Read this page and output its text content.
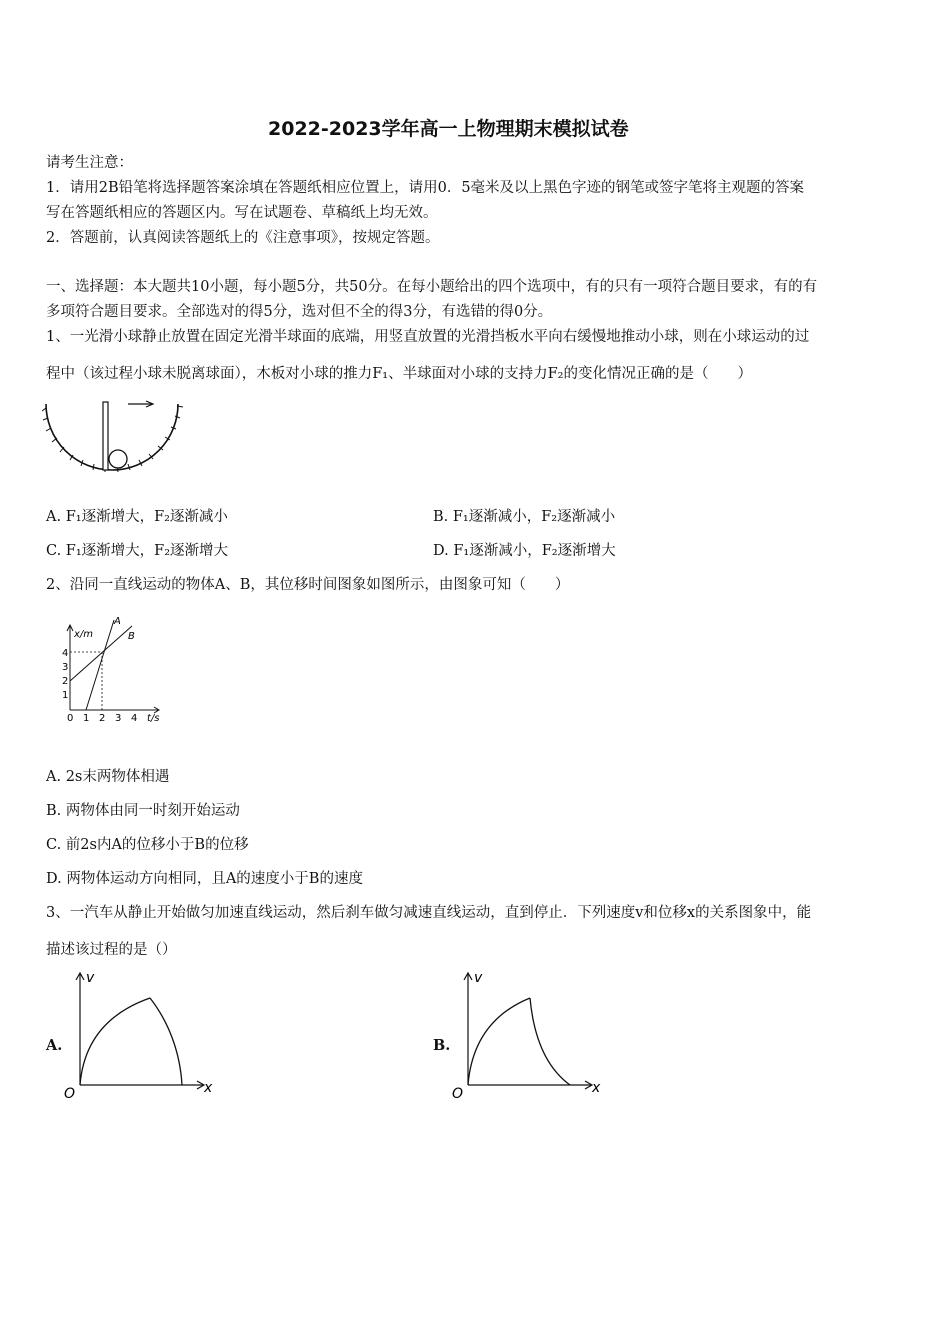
2022-2023学年高一上物理期末模拟试卷
请考生注意：
1．请用2B铅笔将选择题答案涂填在答题纸相应位置上，请用0．5毫米及以上黑色字迹的钢笔或签字笔将主观题的答案
写在答题纸相应的答题区内。写在试题卷、草稿纸上均无效。
2．答题前，认真阅读答题纸上的《注意事项》，按规定答题。
一、选择题：本大题共10小题，每小题5分，共50分。在每小题给出的四个选项中，有的只有一项符合题目要求，有的有
多项符合题目要求。全部选对的得5分，选对但不全的得3分，有选错的得0分。
1、一光滑小球静止放置在固定光滑半球面的底端，用竖直放置的光滑挡板水平向右缓慢地推动小球，则在小球运动的过
程中（该过程小球未脱离球面），木板对小球的推力F₁、半球面对小球的支持力F₂的变化情况正确的是（　　）
A. F₁逐渐增大，F₂逐渐减小	B. F₁逐渐减小，F₂逐渐减小
C. F₁逐渐增大，F₂逐渐增大	D. F₁逐渐减小，F₂逐渐增大
2、沿同一直线运动的物体A、B，其位移时间图象如图所示，由图象可知（　　）
x/m
t/s
1
2
3
4
0 1 2 3 4
A
B
A. 2s末两物体相遇
B. 两物体由同一时刻开始运动
C. 前2s内A的位移小于B的位移
D. 两物体运动方向相同，且A的速度小于B的速度
3、一汽车从静止开始做匀加速直线运动，然后刹车做匀减速直线运动，直到停止．下列速度v和位移x的关系图象中，能
描述该过程的是（）
A.
v
x
O
B.
v
x
O
